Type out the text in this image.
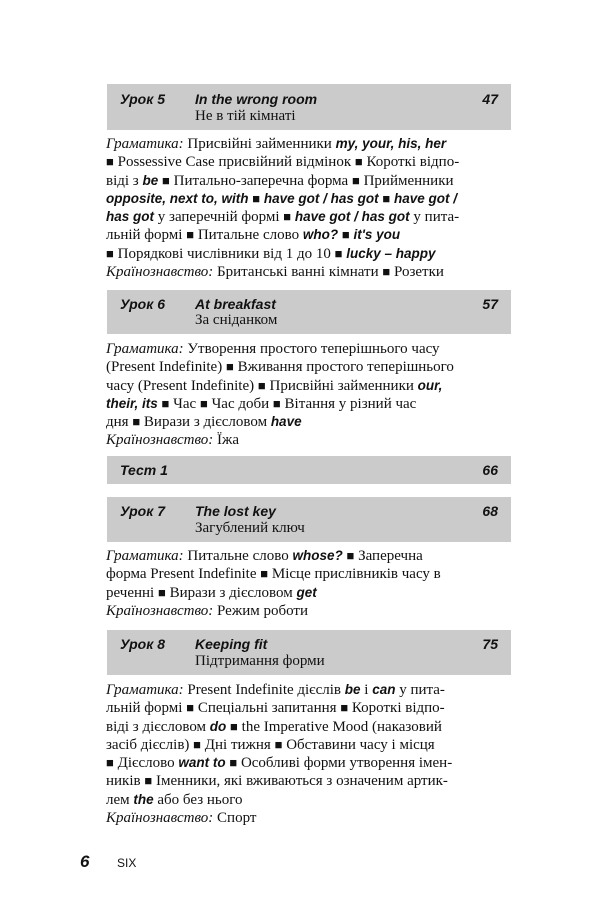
Урок 5 In the wrong room
Не в тій кімнаті
47
Граматика: Присвійні займенники my, your, his, her
■ Possessive Case присвійний відмінок ■ Короткі відпо-
віді з be ■ Питально-заперечна форма ■ Прийменники
opposite, next to, with ■ have got / has got ■ have got /
has got у заперечній формі ■ have got / has got у пита-
льній формі ■ Питальне слово who? ■ it's you
■ Порядкові числівники від 1 до 10 ■ lucky – happy
Країнознавство: Британські ванні кімнати ■ Розетки
Урок 6 At breakfast
За сніданком
57
Граматика: Утворення простого теперішнього часу
(Present Indefinite) ■ Вживання простого теперішнього
часу (Present Indefinite) ■ Присвійні займенники our,
their, its ■ Час ■ Час доби ■ Вітання у різний час
дня ■ Вирази з дієсловом have
Країнознавство: Їжа
Тест 1	66
Урок 7 The lost key
Загублений ключ
68
Граматика: Питальне слово whose? ■ Заперечна
форма Present Indefinite ■ Місце прислівників часу в
реченні ■ Вирази з дієсловом get
Країнознавство: Режим роботи
Урок 8 Keeping fit
Підтримання форми
75
Граматика: Present Indefinite дієслів be і can у пита-
льній формі ■ Спеціальні запитання ■ Короткі відпо-
віді з дієсловом do ■ the Imperative Mood (наказовий
засіб дієслів) ■ Дні тижня ■ Обставини часу і місця
■ Дієслово want to ■ Особливі форми утворення імен-
ників ■ Іменники, які вживаються з означеним артик-
лем the або без нього
Країнознавство: Спорт
6 SIX
